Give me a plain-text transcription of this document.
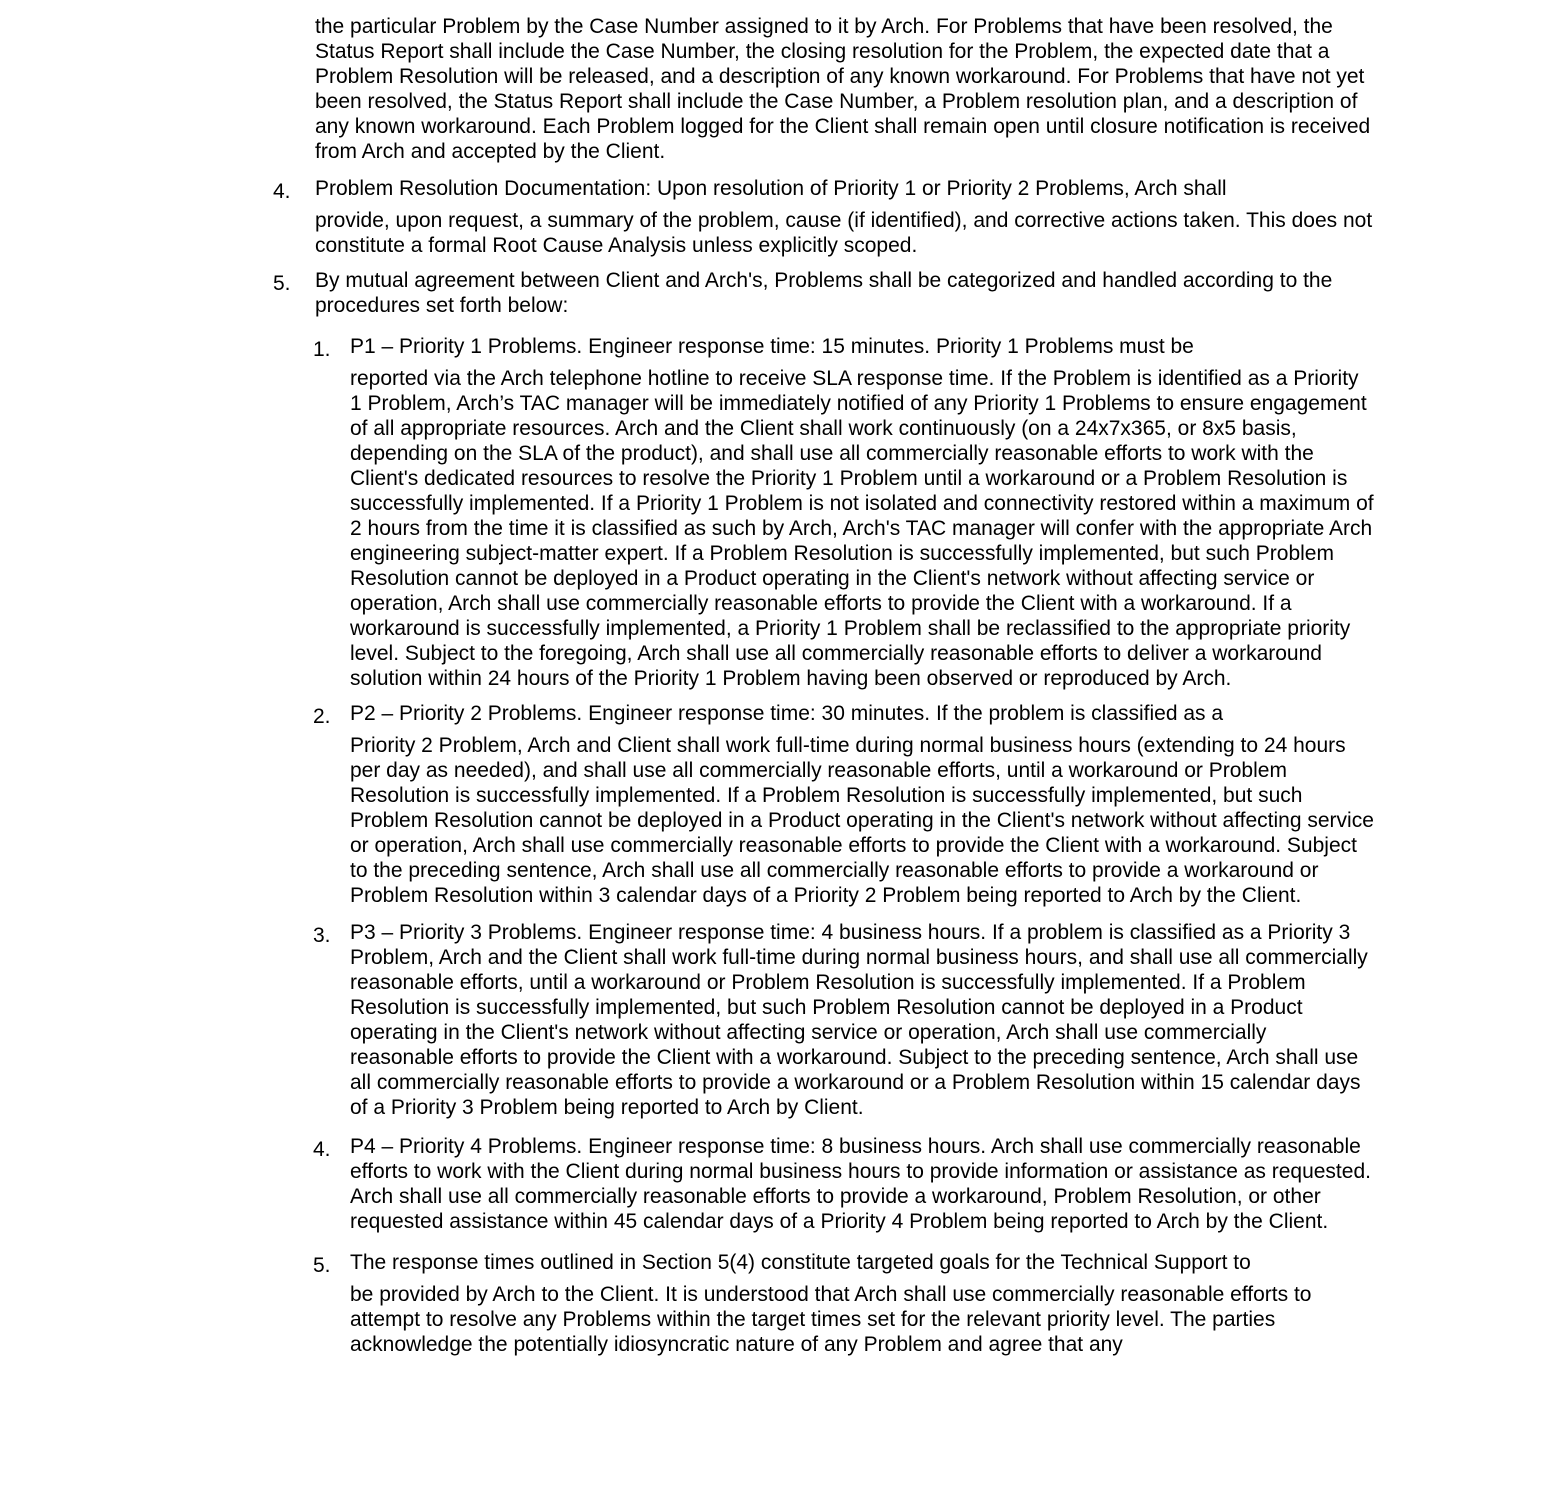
the particular Problem by the Case Number assigned to it by Arch. For Problems that have been resolved, the Status Report shall include the Case Number, the closing resolution for the Problem, the expected date that a Problem Resolution will be released, and a description of any known workaround. For Problems that have not yet been resolved, the Status Report shall include the Case Number, a Problem resolution plan, and a description of any known workaround. Each Problem logged for the Client shall remain open until closure notification is received from Arch and accepted by the Client.

4. Problem Resolution Documentation: Upon resolution of Priority 1 or Priority 2 Problems, Arch shall

provide, upon request, a summary of the problem, cause (if identified), and corrective actions taken. This does not constitute a formal Root Cause Analysis unless explicitly scoped.

5. By mutual agreement between Client and Arch's, Problems shall be categorized and handled according to the procedures set forth below:

1. P1 – Priority 1 Problems. Engineer response time: 15 minutes. Priority 1 Problems must be

reported via the Arch telephone hotline to receive SLA response time. If the Problem is identified as a Priority 1 Problem, Arch’s TAC manager will be immediately notified of any Priority 1 Problems to ensure engagement of all appropriate resources. Arch and the Client shall work continuously (on a 24x7x365, or 8x5 basis, depending on the SLA of the product), and shall use all commercially reasonable efforts to work with the Client's dedicated resources to resolve the Priority 1 Problem until a workaround or a Problem Resolution is successfully implemented. If a Priority 1 Problem is not isolated and connectivity restored within a maximum of 2 hours from the time it is classified as such by Arch, Arch's TAC manager will confer with the appropriate Arch engineering subject-matter expert. If a Problem Resolution is successfully implemented, but such Problem Resolution cannot be deployed in a Product operating in the Client's network without affecting service or operation, Arch shall use commercially reasonable efforts to provide the Client with a workaround. If a workaround is successfully implemented, a Priority 1 Problem shall be reclassified to the appropriate priority level. Subject to the foregoing, Arch shall use all commercially reasonable efforts to deliver a workaround solution within 24 hours of the Priority 1 Problem having been observed or reproduced by Arch.

2. P2 – Priority 2 Problems. Engineer response time: 30 minutes. If the problem is classified as a

Priority 2 Problem, Arch and Client shall work full-time during normal business hours (extending to 24 hours per day as needed), and shall use all commercially reasonable efforts, until a workaround or Problem Resolution is successfully implemented. If a Problem Resolution is successfully implemented, but such Problem Resolution cannot be deployed in a Product operating in the Client's network without affecting service or operation, Arch shall use commercially reasonable efforts to provide the Client with a workaround. Subject to the preceding sentence, Arch shall use all commercially reasonable efforts to provide a workaround or Problem Resolution within 3 calendar days of a Priority 2 Problem being reported to Arch by the Client.

3. P3 – Priority 3 Problems. Engineer response time: 4 business hours. If a problem is classified as a Priority 3 Problem, Arch and the Client shall work full-time during normal business hours, and shall use all commercially reasonable efforts, until a workaround or Problem Resolution is successfully implemented. If a Problem Resolution is successfully implemented, but such Problem Resolution cannot be deployed in a Product operating in the Client's network without affecting service or operation, Arch shall use commercially reasonable efforts to provide the Client with a workaround. Subject to the preceding sentence, Arch shall use all commercially reasonable efforts to provide a workaround or a Problem Resolution within 15 calendar days of a Priority 3 Problem being reported to Arch by Client.

4. P4 – Priority 4 Problems. Engineer response time: 8 business hours. Arch shall use commercially reasonable efforts to work with the Client during normal business hours to provide information or assistance as requested. Arch shall use all commercially reasonable efforts to provide a workaround, Problem Resolution, or other requested assistance within 45 calendar days of a Priority 4 Problem being reported to Arch by the Client.

5. The response times outlined in Section 5(4) constitute targeted goals for the Technical Support to

be provided by Arch to the Client. It is understood that Arch shall use commercially reasonable efforts to attempt to resolve any Problems within the target times set for the relevant priority level. The parties acknowledge the potentially idiosyncratic nature of any Problem and agree that any
